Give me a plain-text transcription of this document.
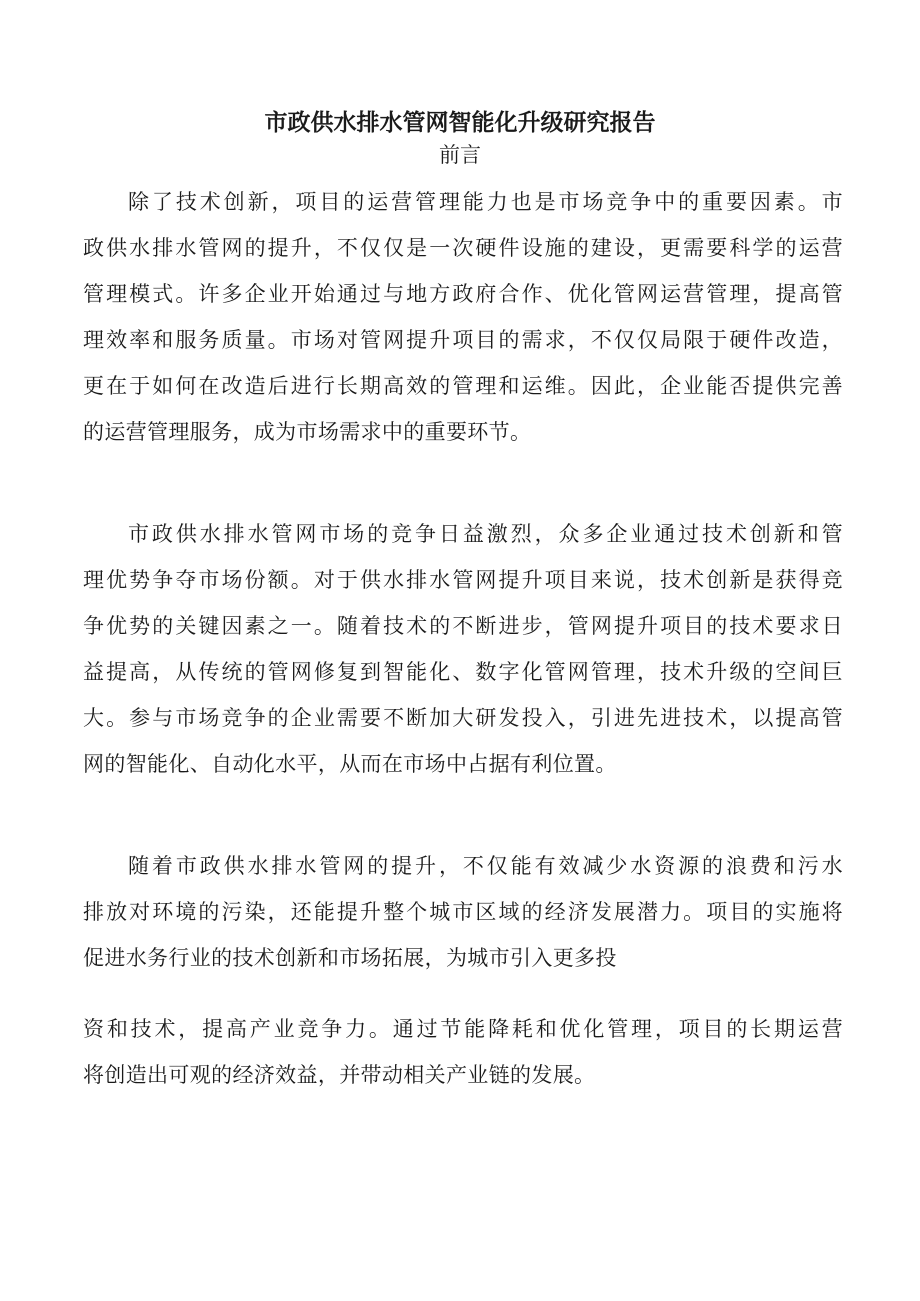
市政供水排水管网智能化升级研究报告
前言
除了技术创新，项目的运营管理能力也是市场竞争中的重要因素。市
政供水排水管网的提升，不仅仅是一次硬件设施的建设，更需要科学的运营
管理模式。许多企业开始通过与地方政府合作、优化管网运营管理，提高管
理效率和服务质量。市场对管网提升项目的需求，不仅仅局限于硬件改造，
更在于如何在改造后进行长期高效的管理和运维。因此，企业能否提供完善
的运营管理服务，成为市场需求中的重要环节。
市政供水排水管网市场的竞争日益激烈，众多企业通过技术创新和管
理优势争夺市场份额。对于供水排水管网提升项目来说，技术创新是获得竞
争优势的关键因素之一。随着技术的不断进步，管网提升项目的技术要求日
益提高，从传统的管网修复到智能化、数字化管网管理，技术升级的空间巨
大。参与市场竞争的企业需要不断加大研发投入，引进先进技术，以提高管
网的智能化、自动化水平，从而在市场中占据有利位置。
随着市政供水排水管网的提升，不仅能有效减少水资源的浪费和污水
排放对环境的污染，还能提升整个城市区域的经济发展潜力。项目的实施将
促进水务行业的技术创新和市场拓展，为城市引入更多投
资和技术，提高产业竞争力。通过节能降耗和优化管理，项目的长期运营
将创造出可观的经济效益，并带动相关产业链的发展。
